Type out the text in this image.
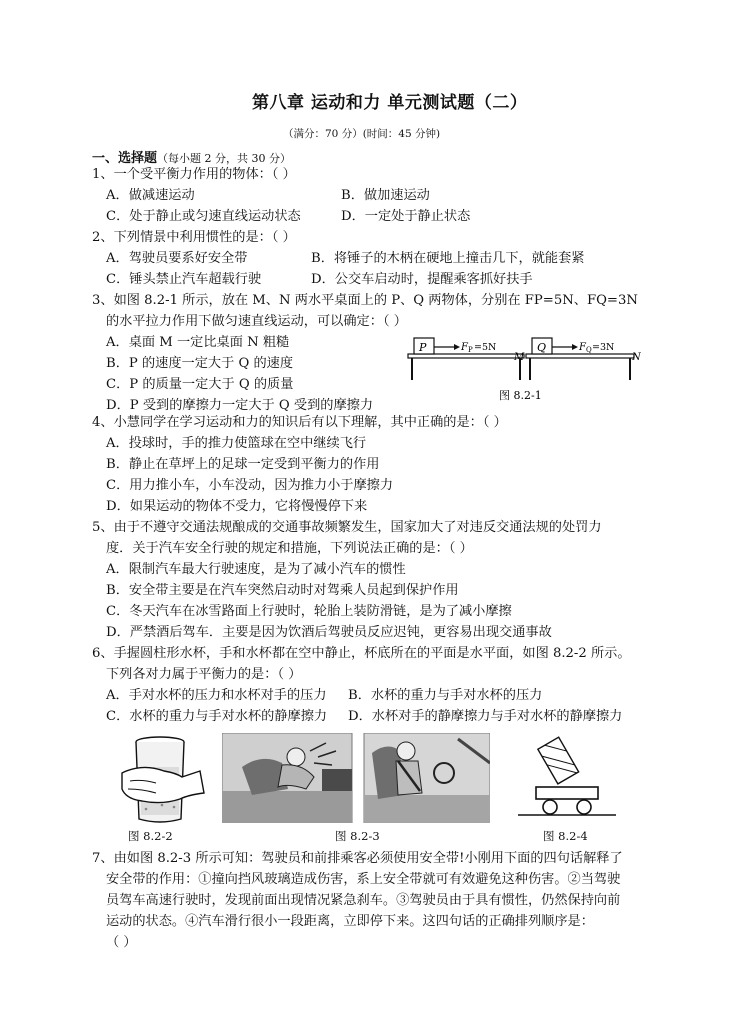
第八章 运动和力 单元测试题（二）
（满分：70 分）(时间：45 分钟)
一、选择题（每小题 2 分，共 30 分）
1、一个受平衡力作用的物体：（ ）
A．做减速运动	B．做加速运动
C．处于静止或匀速直线运动状态	D．一定处于静止状态
2、下列情景中利用惯性的是：（ ）
A．驾驶员要系好安全带	B．将锤子的木柄在硬地上撞击几下，就能套紧
C．锤头禁止汽车超载行驶	D．公交车启动时，提醒乘客抓好扶手
3、如图 8.2-1 所示，放在 M、N 两水平桌面上的 P、Q 两物体，分别在 FP=5N、FQ=3N
的水平拉力作用下做匀速直线运动，可以确定：（ ）
A．桌面 M 一定比桌面 N 粗糙
B．P 的速度一定大于 Q 的速度
C．P 的质量一定大于 Q 的质量
D．P 受到的摩擦力一定大于 Q 受到的摩擦力
P	F P =5N
M
Q	F Q =3N
N
图 8.2-1
4、小慧同学在学习运动和力的知识后有以下理解，其中正确的是：（ ）
A．投球时，手的推力使篮球在空中继续飞行
B．静止在草坪上的足球一定受到平衡力的作用
C．用力推小车，小车没动，因为推力小于摩擦力
D．如果运动的物体不受力，它将慢慢停下来
5、由于不遵守交通法规酿成的交通事故频繁发生，国家加大了对违反交通法规的处罚力
度．关于汽车安全行驶的规定和措施，下列说法正确的是：（ ）
A．限制汽车最大行驶速度，是为了减小汽车的惯性
B．安全带主要是在汽车突然启动时对驾乘人员起到保护作用
C．冬天汽车在冰雪路面上行驶时，轮胎上装防滑链，是为了减小摩擦
D．严禁酒后驾车．主要是因为饮酒后驾驶员反应迟钝，更容易出现交通事故
6、手握圆柱形水杯，手和水杯都在空中静止，杯底所在的平面是水平面，如图 8.2-2 所示。
下列各对力属于平衡力的是：（ ）
A．手对水杯的压力和水杯对手的压力 B．水杯的重力与手对水杯的压力
C．水杯的重力与手对水杯的静摩擦力 D．水杯对手的静摩擦力与手对水杯的静摩擦力
图 8.2-2	图 8.2-3	图 8.2-4
7、由如图 8.2-3 所示可知：驾驶员和前排乘客必须使用安全带!小刚用下面的四句话解释了
安全带的作用：①撞向挡风玻璃造成伤害，系上安全带就可有效避免这种伤害。②当驾驶
员驾车高速行驶时，发现前面出现情况紧急刹车。③驾驶员由于具有惯性，仍然保持向前
运动的状态。④汽车滑行很小一段距离，立即停下来。这四句话的正确排列顺序是：
（ ）
